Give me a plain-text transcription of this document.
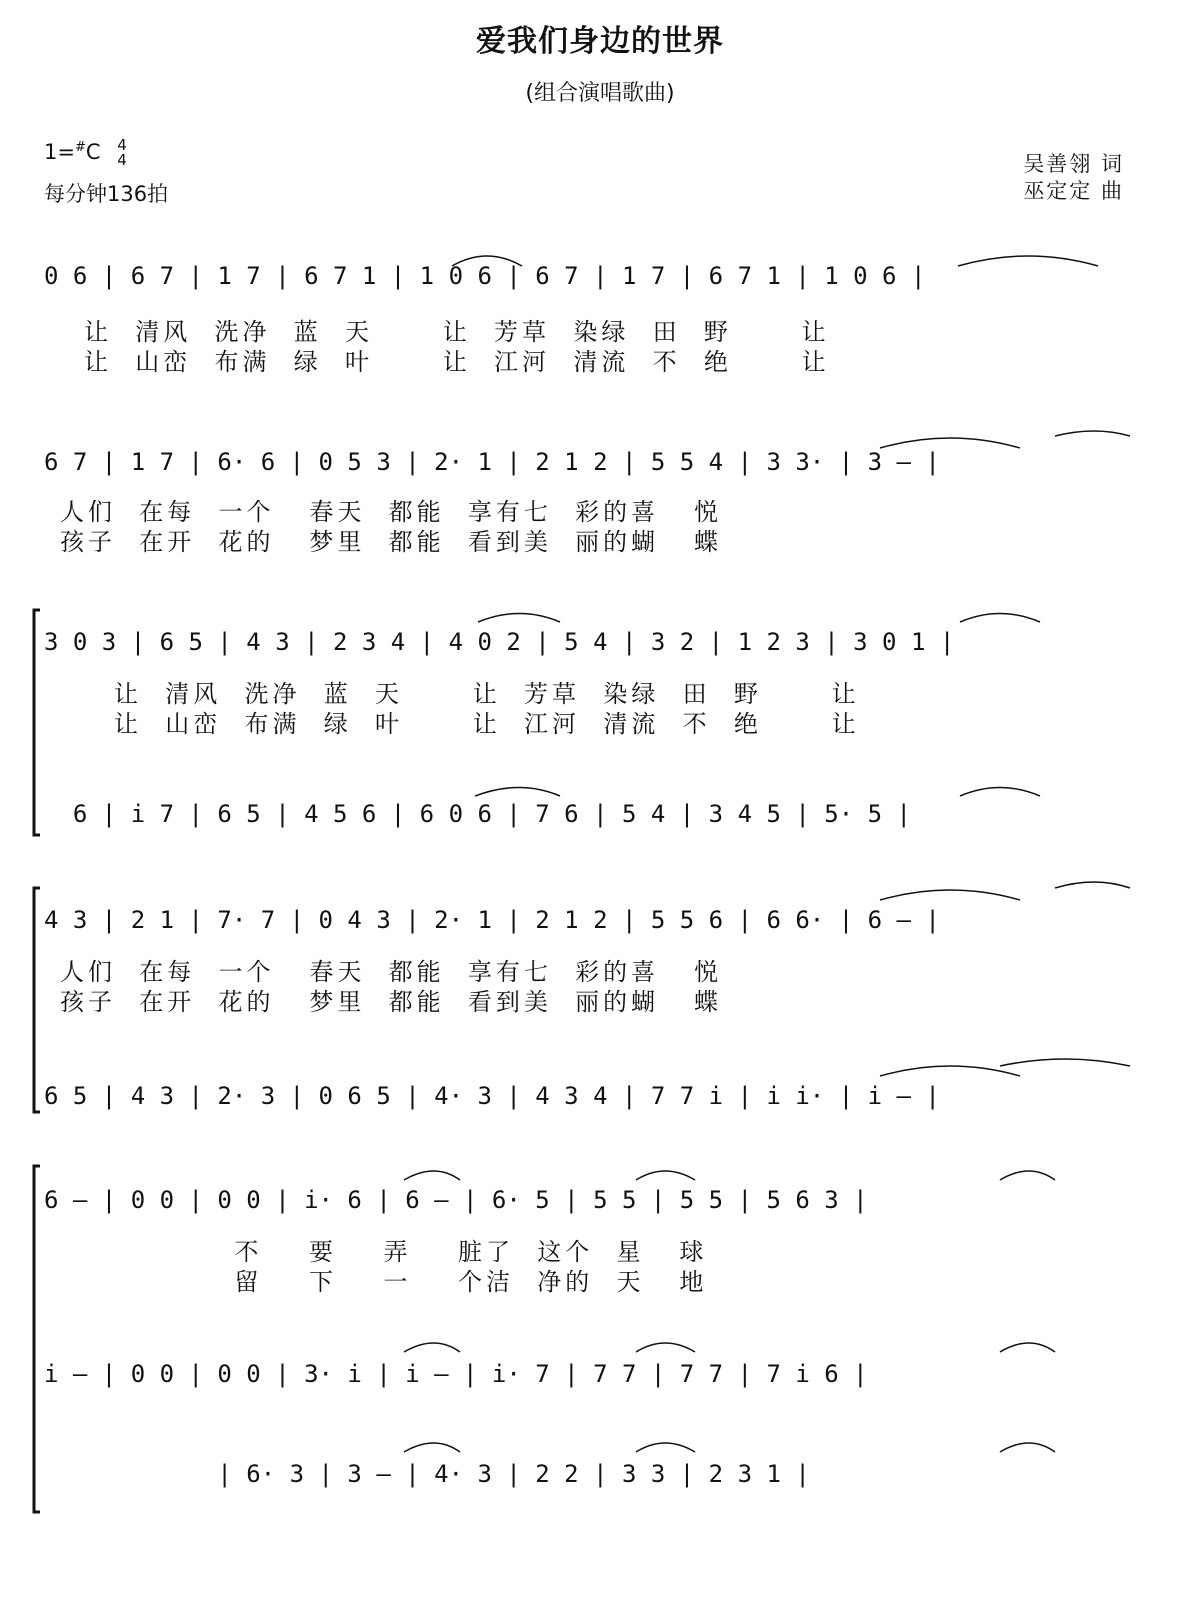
爱我们身边的世界
(组合演唱歌曲)
1=#C 4
4
每分钟136拍
吴善翎 词
巫定定 曲
0 6 | 6 7 | 1 7 | 6 7 1 | 1 0 6 | 6 7 | 1 7 | 6 7 1 | 1 0 6 |
让  清风  洗净  蓝  天      让  芳草  染绿  田  野      让
让  山峦  布满  绿  叶      让  江河  清流  不  绝      让
6 7 | 1 7 | 6· 6 | 0 5 3 | 2· 1 | 2 1 2 | 5 5 4 | 3 3· | 3 — |
人们  在每  一个   春天  都能  享有七  彩的喜   悦
孩子  在开  花的   梦里  都能  看到美  丽的蝴   蝶
3 0 3 | 6 5 | 4 3 | 2 3 4 | 4 0 2 | 5 4 | 3 2 | 1 2 3 | 3 0 1 |
让  清风  洗净  蓝  天      让  芳草  染绿  田  野      让
让  山峦  布满  绿  叶      让  江河  清流  不  绝      让
6 | i 7 | 6 5 | 4 5 6 | 6 0 6 | 7 6 | 5 4 | 3 4 5 | 5· 5 |
4 3 | 2 1 | 7· 7 | 0 4 3 | 2· 1 | 2 1 2 | 5 5 6 | 6 6· | 6 — |
人们  在每  一个   春天  都能  享有七  彩的喜   悦
孩子  在开  花的   梦里  都能  看到美  丽的蝴   蝶
6 5 | 4 3 | 2· 3 | 0 6 5 | 4· 3 | 4 3 4 | 7 7 i | i i· | i — |
6 — | 0 0 | 0 0 | i· 6 | 6 — | 6· 5 | 5 5 | 5 5 | 5 6 3 |
不    要    弄    脏了  这个  星   球
留    下    一    个洁  净的  天   地
i — | 0 0 | 0 0 | 3· i | i — | i· 7 | 7 7 | 7 7 | 7 i 6 |
| 6· 3 | 3 — | 4· 3 | 2 2 | 3 3 | 2 3 1 |
